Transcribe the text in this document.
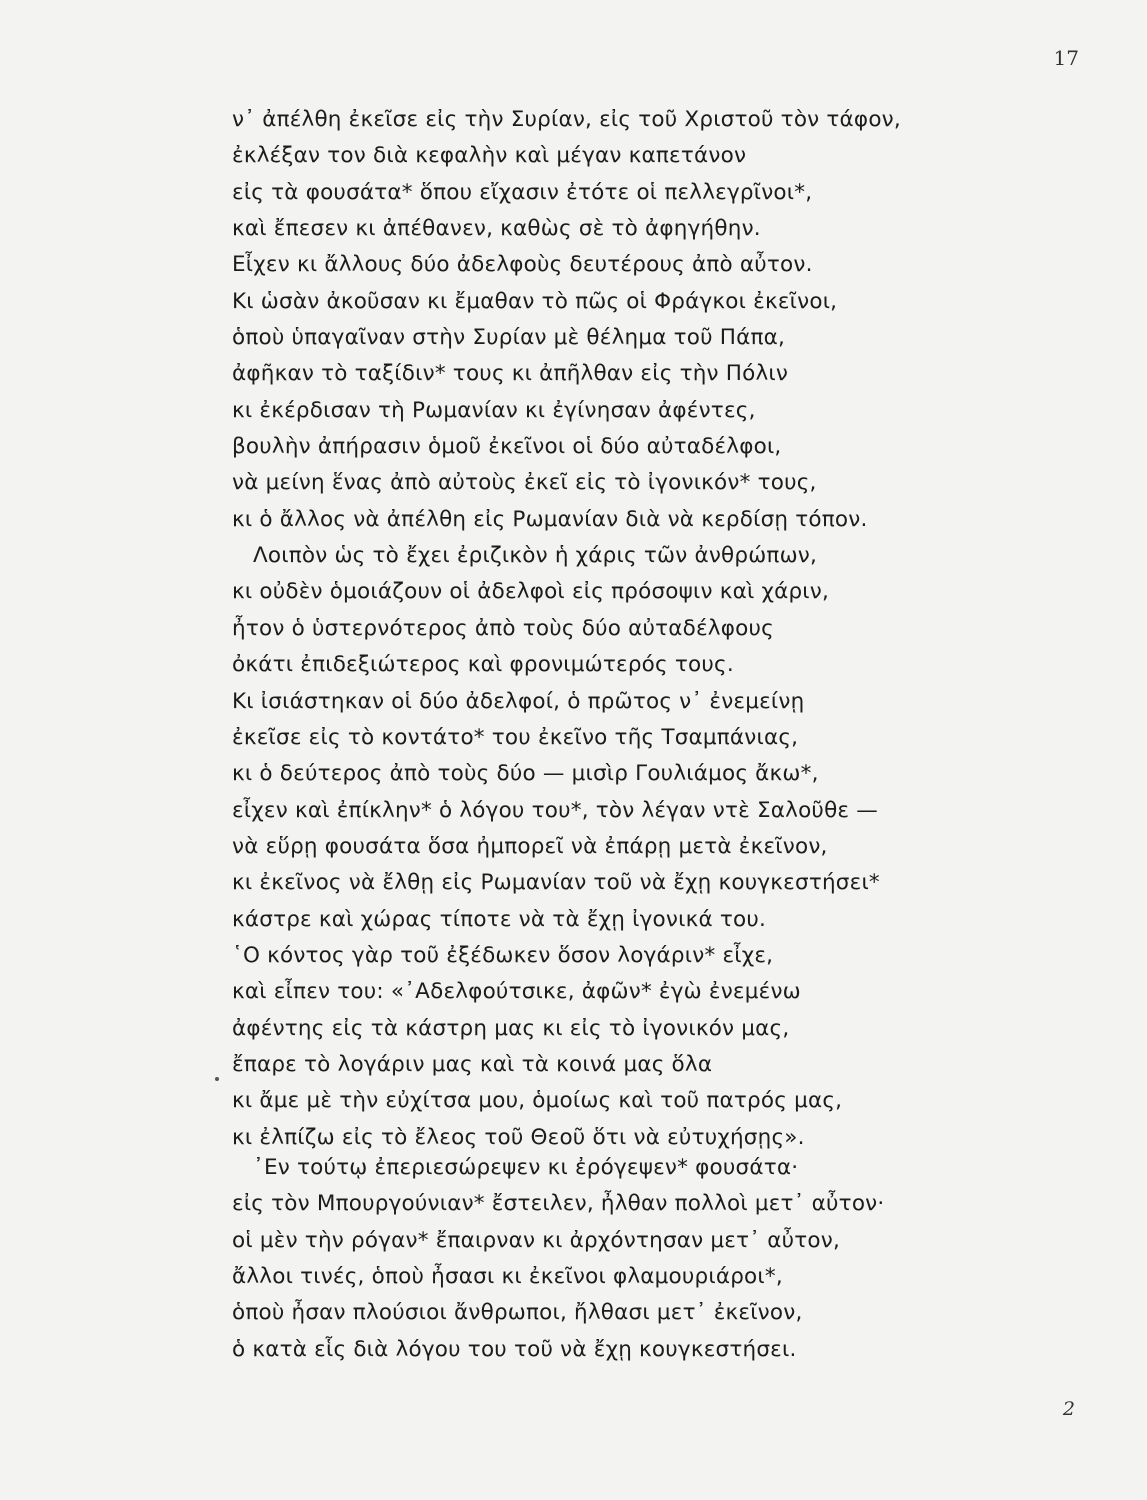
17
ν᾽ ἀπέλθη ἐκεῖσε εἰς τὴν Συρίαν, εἰς τοῦ Χριστοῦ τὸν τάφον,
ἐκλέξαν τον διὰ κεφαλὴν καὶ μέγαν καπετάνον
εἰς τὰ φουσάτα* ὅπου εἴχασιν ἐτότε οἱ πελλεγρῖνοι*,
καὶ ἔπεσεν κι ἀπέθανεν, καθὼς σὲ τὸ ἀφηγήθην.
Εἶχεν κι ἄλλους δύο ἀδελφοὺς δευτέρους ἀπὸ αὖτον.
Κι ὡσὰν ἀκοῦσαν κι ἔμαθαν τὸ πῶς οἱ Φράγκοι ἐκεῖνοι,
ὁποὺ ὑπαγαῖναν στὴν Συρίαν μὲ θέλημα τοῦ Πάπα,
ἀφῆκαν τὸ ταξίδιν* τους κι ἀπῆλθαν εἰς τὴν Πόλιν
κι ἐκέρδισαν τὴ Ρωμανίαν κι ἐγίνησαν ἀφέντες,
βουλὴν ἀπήρασιν ὁμοῦ ἐκεῖνοι οἱ δύο αὐταδέλφοι,
νὰ μείνη ἕνας ἀπὸ αὐτοὺς ἐκεῖ εἰς τὸ ἰγονικόν* τους,
κι ὁ ἄλλος νὰ ἀπέλθη εἰς Ρωμανίαν διὰ νὰ κερδίσῃ τόπον.
Λοιπὸν ὡς τὸ ἔχει ἐριζικὸν ἡ χάρις τῶν ἀνθρώπων,
κι οὐδὲν ὁμοιάζουν οἱ ἀδελφοὶ εἰς πρόσοψιν καὶ χάριν,
ἦτον ὁ ὑστερνότερος ἀπὸ τοὺς δύο αὐταδέλφους
ὀκάτι ἐπιδεξιώτερος καὶ φρονιμώτερός τους.
Κι ἰσιάστηκαν οἱ δύο ἀδελφοί, ὁ πρῶτος ν᾽ ἐνεμείνῃ
ἐκεῖσε εἰς τὸ κοντάτο* του ἐκεῖνο τῆς Τσαμπάνιας,
κι ὁ δεύτερος ἀπὸ τοὺς δύο — μισὶρ Γουλιάμος ἄκω*,
εἶχεν καὶ ἐπίκλην* ὁ λόγου του*, τὸν λέγαν ντὲ Σαλοῦθε —
νὰ εὕρῃ φουσάτα ὅσα ἠμπορεῖ νὰ ἐπάρῃ μετὰ ἐκεῖνον,
κι ἐκεῖνος νὰ ἔλθῃ εἰς Ρωμανίαν τοῦ νὰ ἔχῃ κουγκεστήσει*
κάστρε καὶ χώρας τίποτε νὰ τὰ ἔχῃ ἰγονικά του.
῾Ο κόντος γὰρ τοῦ ἐξέδωκεν ὅσον λογάριν* εἶχε,
καὶ εἶπεν του: «᾽Αδελφούτσικε, ἀφῶν* ἐγὼ ἐνεμένω
ἀφέντης εἰς τὰ κάστρη μας κι εἰς τὸ ἰγονικόν μας,
ἔπαρε τὸ λογάριν μας καὶ τὰ κοινά μας ὅλα
κι ἄμε μὲ τὴν εὐχίτσα μου, ὁμοίως καὶ τοῦ πατρός μας,
κι ἐλπίζω εἰς τὸ ἔλεος τοῦ Θεοῦ ὅτι νὰ εὐτυχήσῃς».
᾽Εν τούτῳ ἐπεριεσώρεψεν κι ἐρόγεψεν* φουσάτα·
εἰς τὸν Μπουργούνιαν* ἔστειλεν, ἦλθαν πολλοὶ μετ᾽ αὖτον·
οἱ μὲν τὴν ρόγαν* ἔπαιρναν κι ἀρχόντησαν μετ᾽ αὖτον,
ἄλλοι τινές, ὁποὺ ἦσασι κι ἐκεῖνοι φλαμουριάροι*,
ὁποὺ ἦσαν πλούσιοι ἄνθρωποι, ἤλθασι μετ᾽ ἐκεῖνον,
ὁ κατὰ εἷς διὰ λόγου του τοῦ νὰ ἔχῃ κουγκεστήσει.
2
